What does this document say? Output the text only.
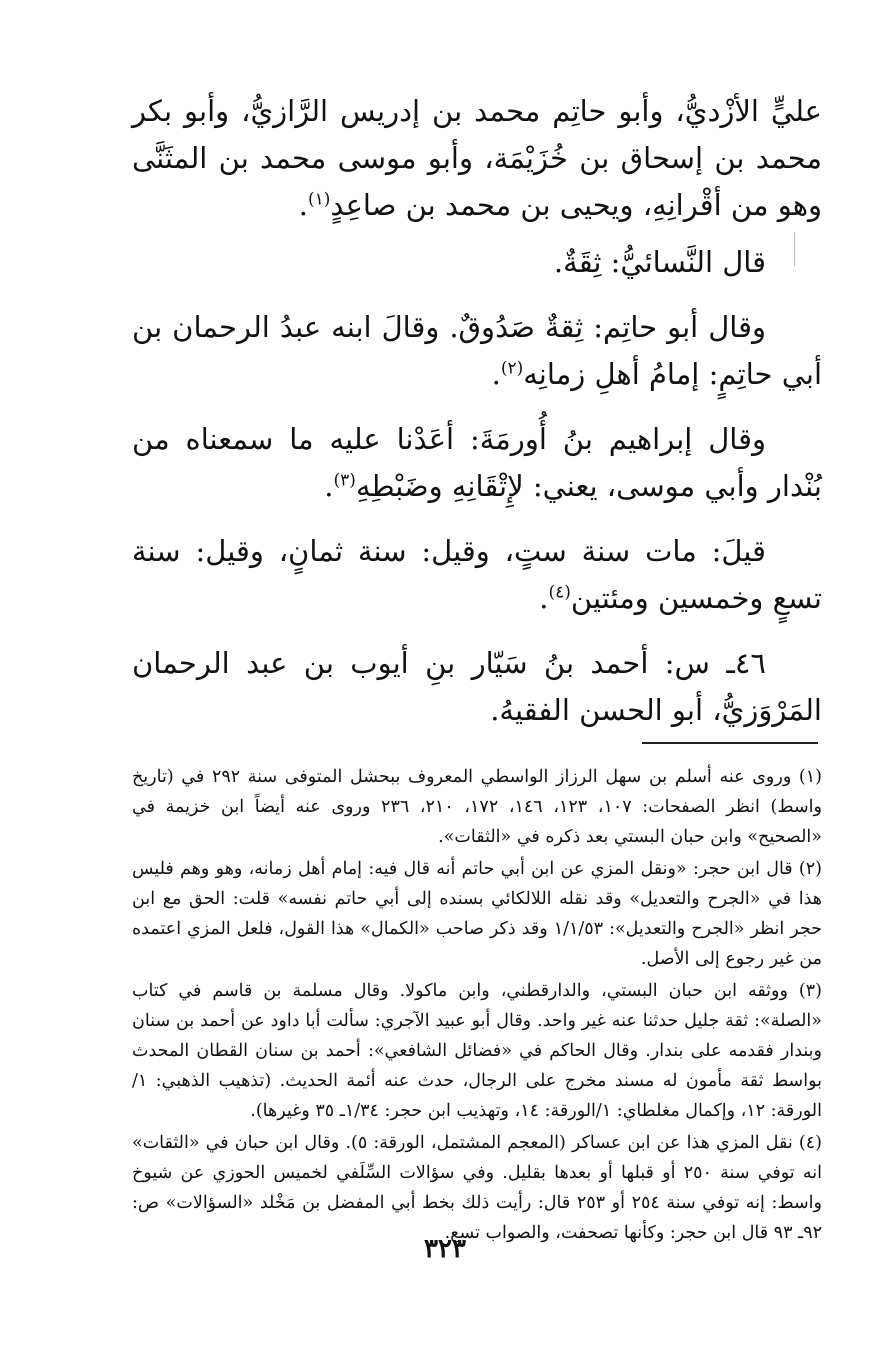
عليٍّ الأزْديُّ، وأبو حاتِم محمد بن إدريس الرَّازيُّ، وأبو بكر محمد بن إسحاق بن خُزَيْمَة، وأبو موسى محمد بن المثَنَّى وهو من أقْرانِهِ، ويحيى بن محمد بن صاعِدٍ$^{(١)}$.

قال النَّسائيُّ: ثِقَةٌ.

وقال أبو حاتِم: ثِقةٌ صَدُوقٌ. وقالَ ابنه عبدُ الرحمان بن أبي حاتِمٍ: إمامُ أهلِ زمانِه$^{(٢)}$.

وقال إبراهيم بنُ أُورمَةَ: أعَدْنا عليه ما سمعناه من بُنْدار وأبي موسى، يعني: لإِتْقَانِهِ وضَبْطِهِ$^{(٣)}$.

قيلَ: مات سنة ستٍ، وقيل: سنة ثمانٍ، وقيل: سنة تسعٍ وخمسين ومئتين$^{(٤)}$.

٤٦ـ س: أحمد بنُ سَيّار بنِ أيوب بن عبد الرحمان المَرْوَزيُّ، أبو الحسن الفقيهُ.

(١) وروى عنه أسلم بن سهل الرزاز الواسطي المعروف ببحشل المتوفى سنة ٢٩٢ في (تاريخ واسط) انظر الصفحات: ١٠٧، ١٢٣، ١٤٦، ١٧٢، ٢١٠، ٢٣٦ وروى عنه أيضاً ابن خزيمة في «الصحيح» وابن حبان البستي بعد ذكره في «الثقات».

(٢) قال ابن حجر: «ونقل المزي عن ابن أبي حاتم أنه قال فيه: إمام أهل زمانه، وهو وهم فليس هذا في «الجرح والتعديل» وقد نقله اللالكائي بسنده إلى أبي حاتم نفسه» قلت: الحق مع ابن حجر انظر «الجرح والتعديل»: ١/١/٥٣ وقد ذكر صاحب «الكمال» هذا القول، فلعل المزي اعتمده من غير رجوع إلى الأصل.

(٣) ووثقه ابن حبان البستي، والدارقطني، وابن ماكولا. وقال مسلمة بن قاسم في كتاب «الصلة»: ثقة جليل حدثنا عنه غير واحد. وقال أبو عبيد الآجري: سألت أبا داود عن أحمد بن سنان وبندار فقدمه على بندار. وقال الحاكم في «فضائل الشافعي»: أحمد بن سنان القطان المحدث بواسط ثقة مأمون له مسند مخرج على الرجال، حدث عنه أئمة الحديث. (تذهيب الذهبي: ١/الورقة: ١٢، وإكمال مغلطاي: ١/الورقة: ١٤، وتهذيب ابن حجر: ١/٣٤ـ ٣٥ وغيرها).

(٤) نقل المزي هذا عن ابن عساكر (المعجم المشتمل، الورقة: ٥). وقال ابن حبان في «الثقات» انه توفي سنة ٢٥٠ أو قبلها أو بعدها بقليل. وفي سؤالات السِّلَفي لخميس الحوزي عن شيوخ واسط: إنه توفي سنة ٢٥٤ أو ٢٥٣ قال: رأيت ذلك بخط أبي المفضل بن مَخْلد «السؤالات» ص: ٩٢ـ ٩٣ قال ابن حجر: وكأنها تصحفت، والصواب تسع.

٣٢٣
